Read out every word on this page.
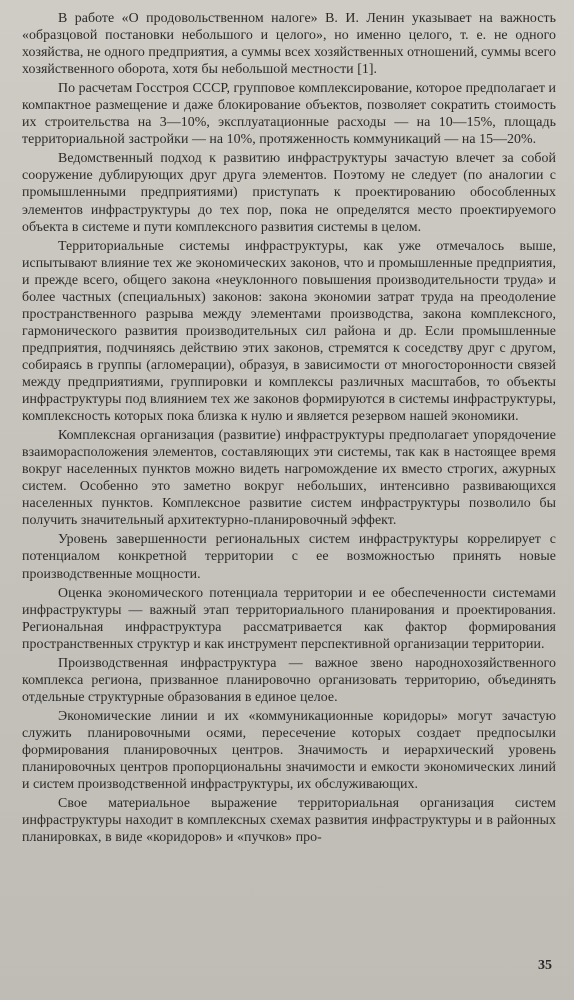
В работе «О продовольственном налоге» В. И. Ленин указывает на важность «образцовой постановки небольшого и целого», но именно целого, т. е. не одного хозяйства, не одного предприятия, а суммы всех хозяйственных отношений, суммы всего хозяйственного оборота, хотя бы небольшой местности [1].

По расчетам Госстроя СССР, групповое комплексирование, которое предполагает и компактное размещение и даже блокирование объектов, позволяет сократить стоимость их строительства на 3—10%, эксплуатационные расходы — на 10—15%, площадь территориальной застройки — на 10%, протяженность коммуникаций — на 15—20%.

Ведомственный подход к развитию инфраструктуры зачастую влечет за собой сооружение дублирующих друг друга элементов. Поэтому не следует (по аналогии с промышленными предприятиями) приступать к проектированию обособленных элементов инфраструктуры до тех пор, пока не определятся место проектируемого объекта в системе и пути комплексного развития системы в целом.

Территориальные системы инфраструктуры, как уже отмечалось выше, испытывают влияние тех же экономических законов, что и промышленные предприятия, и прежде всего, общего закона «неуклонного повышения производительности труда» и более частных (специальных) законов: закона экономии затрат труда на преодоление пространственного разрыва между элементами производства, закона комплексного, гармонического развития производительных сил района и др. Если промышленные предприятия, подчиняясь действию этих законов, стремятся к соседству друг с другом, собираясь в группы (агломерации), образуя, в зависимости от многосторонности связей между предприятиями, группировки и комплексы различных масштабов, то объекты инфраструктуры под влиянием тех же законов формируются в системы инфраструктуры, комплексность которых пока близка к нулю и является резервом нашей экономики.

Комплексная организация (развитие) инфраструктуры предполагает упорядочение взаиморасположения элементов, составляющих эти системы, так как в настоящее время вокруг населенных пунктов можно видеть нагромождение их вместо строгих, ажурных систем. Особенно это заметно вокруг небольших, интенсивно развивающихся населенных пунктов. Комплексное развитие систем инфраструктуры позволило бы получить значительный архитектурно-планировочный эффект.

Уровень завершенности региональных систем инфраструктуры коррелирует с потенциалом конкретной территории с ее возможностью принять новые производственные мощности.

Оценка экономического потенциала территории и ее обеспеченности системами инфраструктуры — важный этап территориального планирования и проектирования. Региональная инфраструктура рассматривается как фактор формирования пространственных структур и как инструмент перспективной организации территории.

Производственная инфраструктура — важное звено народнохозяйственного комплекса региона, призванное планировочно организовать территорию, объединять отдельные структурные образования в единое целое.

Экономические линии и их «коммуникационные коридоры» могут зачастую служить планировочными осями, пересечение которых создает предпосылки формирования планировочных центров. Значимость и иерархический уровень планировочных центров пропорциональны значимости и емкости экономических линий и систем производственной инфраструктуры, их обслуживающих.

Свое материальное выражение территориальная организация систем инфраструктуры находит в комплексных схемах развития инфраструктуры и в районных планировках, в виде «коридоров» и «пучков» про-

35
